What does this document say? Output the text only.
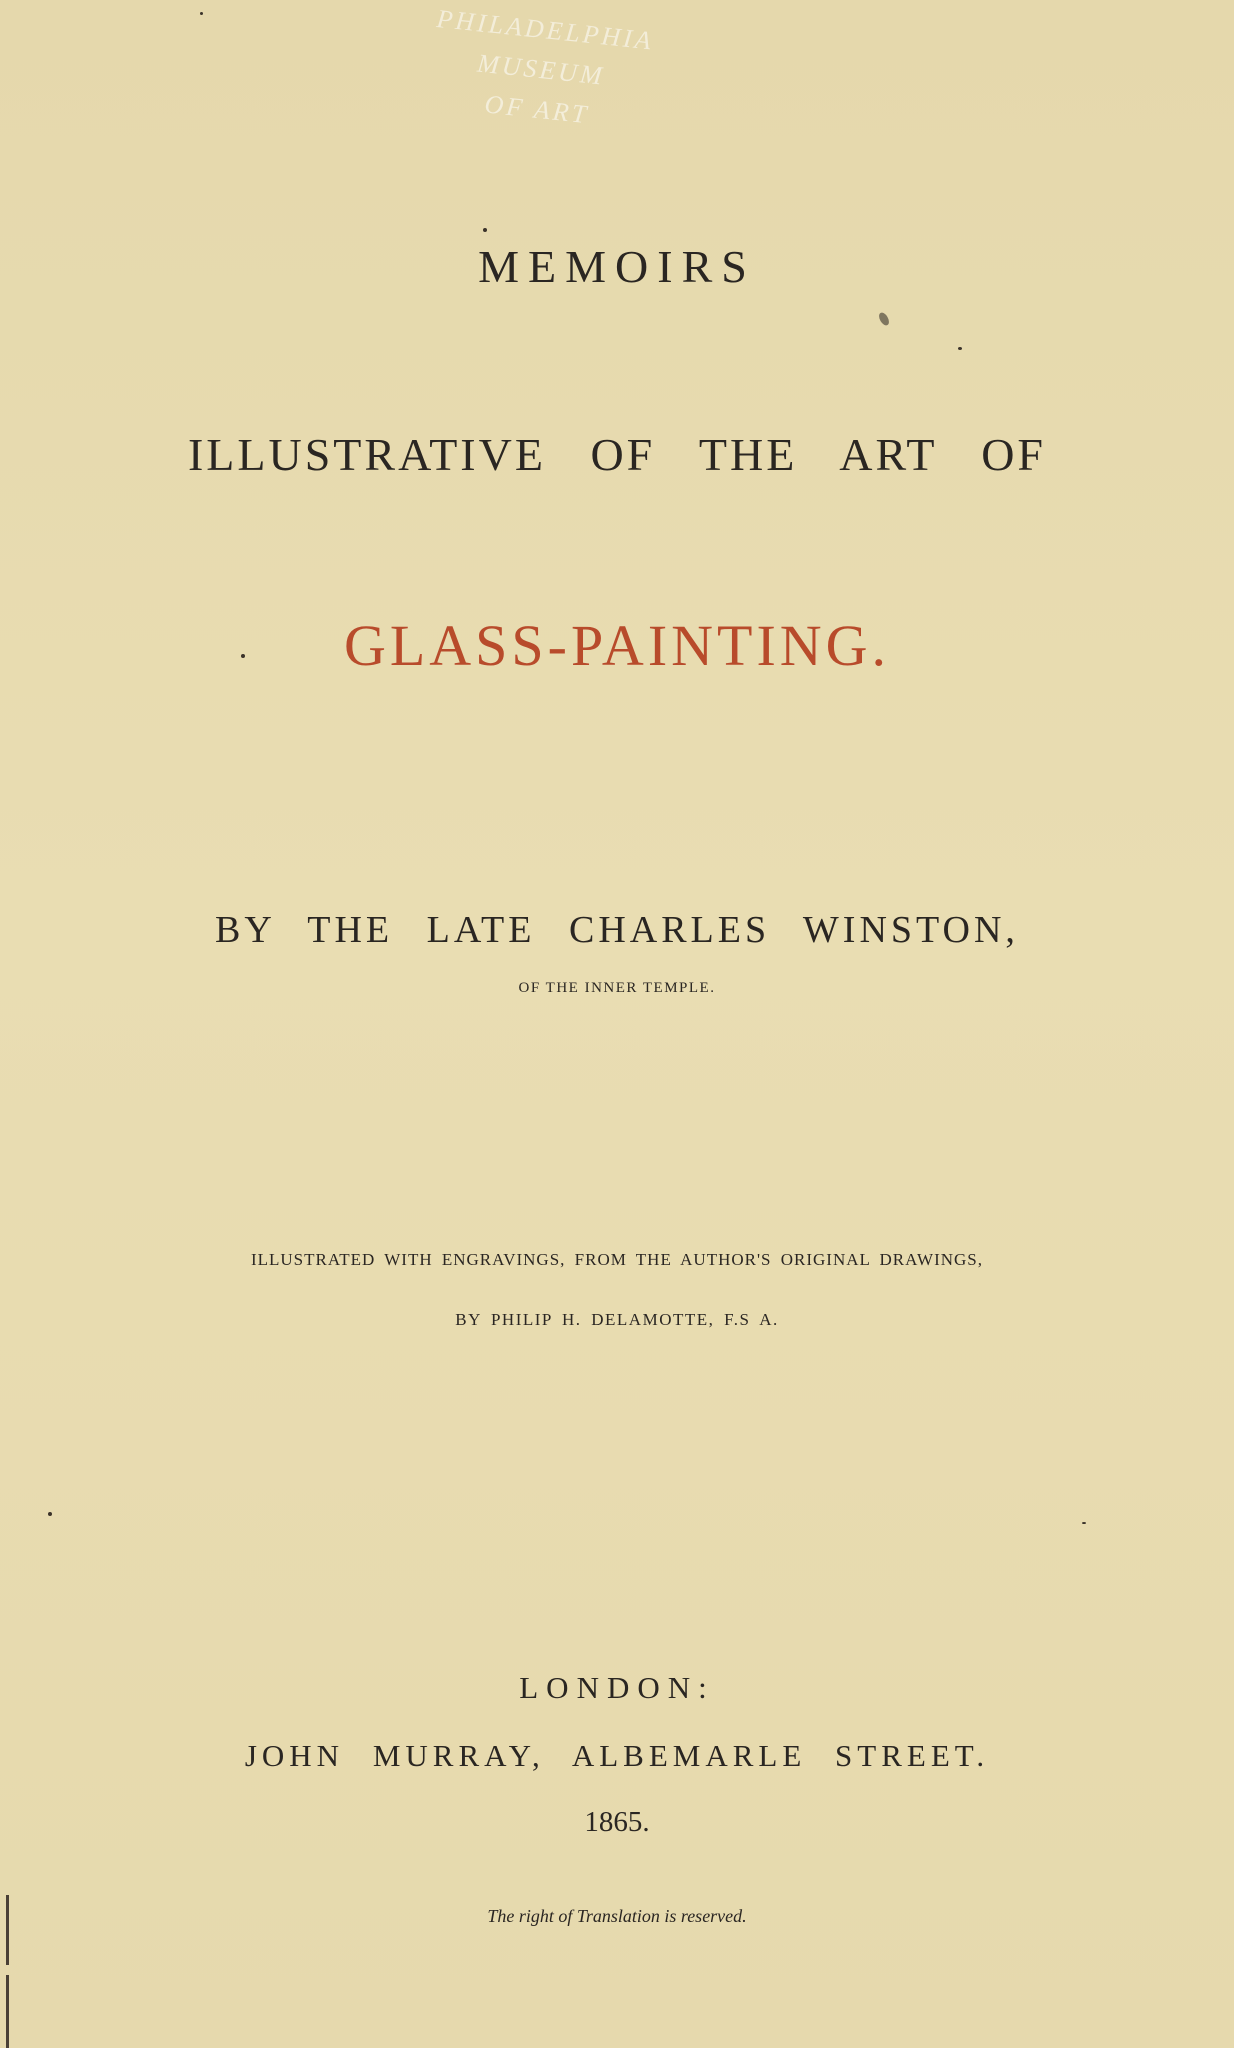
PHILADELPHIA
MUSEUM
OF ART
MEMOIRS
ILLUSTRATIVE OF THE ART OF
GLASS-PAINTING.
BY THE LATE CHARLES WINSTON,
OF THE INNER TEMPLE.
ILLUSTRATED WITH ENGRAVINGS, FROM THE AUTHOR'S ORIGINAL DRAWINGS,
BY PHILIP H. DELAMOTTE, F.S A.
LONDON:
JOHN MURRAY, ALBEMARLE STREET.
1865.
The right of Translation is reserved.
